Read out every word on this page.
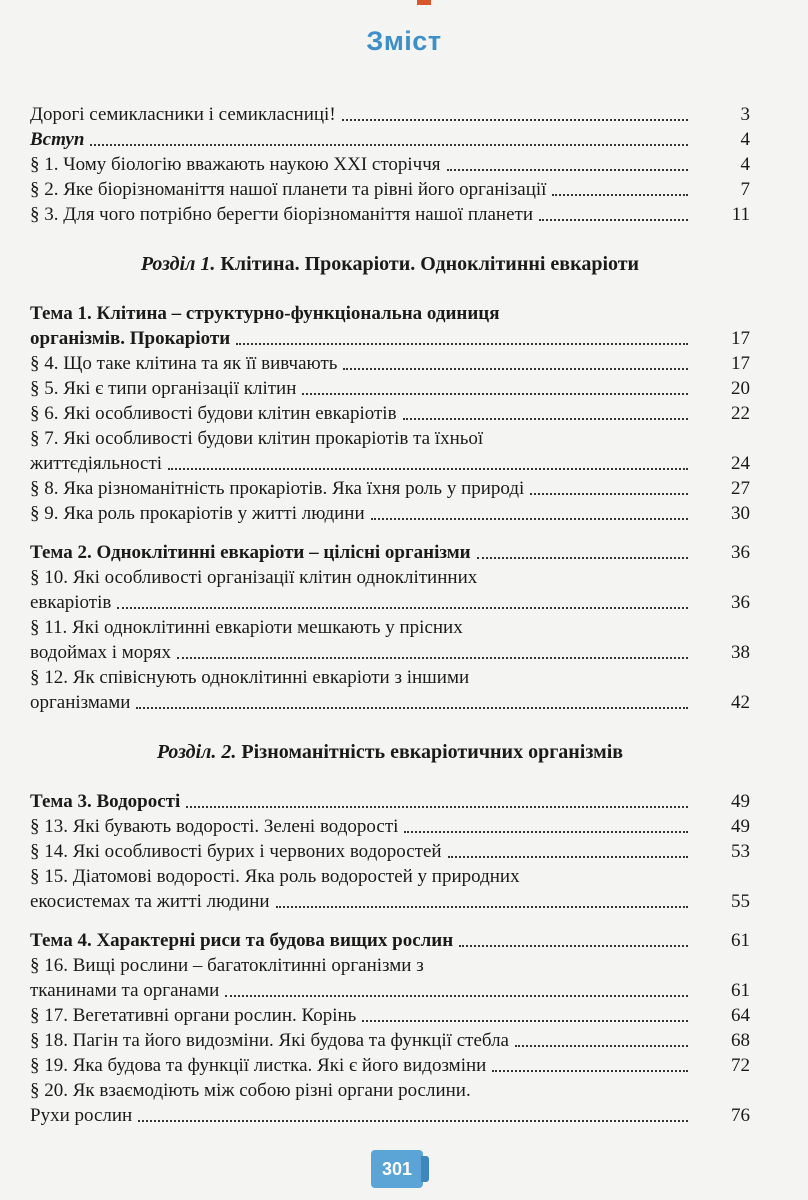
Зміст
Дорогі семикласники і семикласниці!	3
Вступ	4
§ 1. Чому біологію вважають наукою XXI сторіччя	4
§ 2. Яке біорізноманіття нашої планети та рівні його організації	7
§ 3. Для чого потрібно берегти біорізноманіття нашої планети	11
Розділ 1. Клітина. Прокаріоти. Одноклітинні евкаріоти
Тема 1. Клітина – структурно-функціональна одиниця
організмів. Прокаріоти	17
§ 4. Що таке клітина та як її вивчають	17
§ 5. Які є типи організації клітин	20
§ 6. Які особливості будови клітин евкаріотів	22
§ 7. Які особливості будови клітин прокаріотів та їхньої
життєдіяльності	24
§ 8. Яка різноманітність прокаріотів. Яка їхня роль у природі	27
§ 9. Яка роль прокаріотів у житті людини	30
Тема 2. Одноклітинні евкаріоти – цілісні організми	36
§ 10. Які особливості організації клітин одноклітинних
евкаріотів	36
§ 11. Які одноклітинні евкаріоти мешкають у прісних
водоймах і морях	38
§ 12. Як співіснують одноклітинні евкаріоти з іншими
організмами	42
Розділ. 2. Різноманітність евкаріотичних організмів
Тема 3. Водорості	49
§ 13. Які бувають водорості. Зелені водорості	49
§ 14. Які особливості бурих і червоних водоростей	53
§ 15. Діатомові водорості. Яка роль водоростей у природних
екосистемах та житті людини	55
Тема 4. Характерні риси та будова вищих рослин	61
§ 16. Вищі рослини – багатоклітинні організми з
тканинами та органами	61
§ 17. Вегетативні органи рослин. Корінь	64
§ 18. Пагін та його видозміни. Які будова та функції стебла	68
§ 19. Яка будова та функції листка. Які є його видозміни	72
§ 20. Як взаємодіють між собою різні органи рослини.
Рухи рослин	76
301
